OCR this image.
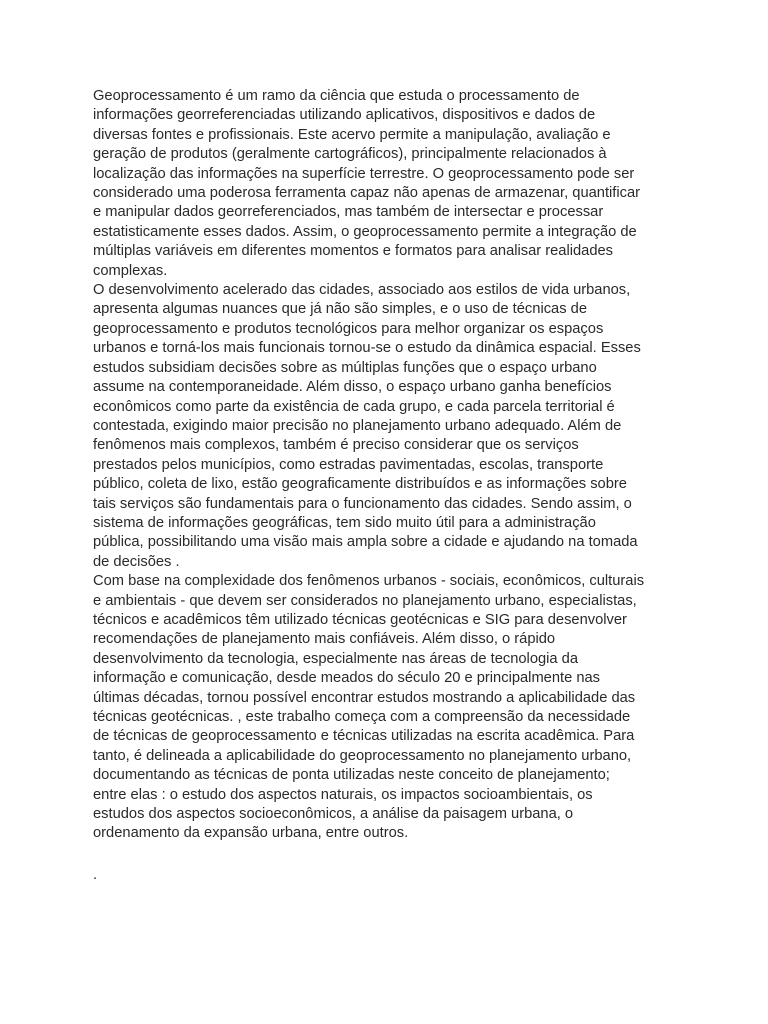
Geoprocessamento é um ramo da ciência que estuda o processamento de
informações georreferenciadas utilizando aplicativos, dispositivos e dados de
diversas fontes e profissionais. Este acervo permite a manipulação, avaliação e
geração de produtos (geralmente cartográficos), principalmente relacionados à
localização das informações na superfície terrestre. O geoprocessamento pode ser
considerado uma poderosa ferramenta capaz não apenas de armazenar, quantificar
e manipular dados georreferenciados, mas também de intersectar e processar
estatisticamente esses dados. Assim, o geoprocessamento permite a integração de
múltiplas variáveis em diferentes momentos e formatos para analisar realidades
complexas.
O desenvolvimento acelerado das cidades, associado aos estilos de vida urbanos,
apresenta algumas nuances que já não são simples, e o uso de técnicas de
geoprocessamento e produtos tecnológicos para melhor organizar os espaços
urbanos e torná-los mais funcionais tornou-se o estudo da dinâmica espacial. Esses
estudos subsidiam decisões sobre as múltiplas funções que o espaço urbano
assume na contemporaneidade. Além disso, o espaço urbano ganha benefícios
econômicos como parte da existência de cada grupo, e cada parcela territorial é
contestada, exigindo maior precisão no planejamento urbano adequado. Além de
fenômenos mais complexos, também é preciso considerar que os serviços
prestados pelos municípios, como estradas pavimentadas, escolas, transporte
público, coleta de lixo, estão geograficamente distribuídos e as informações sobre
tais serviços são fundamentais para o funcionamento das cidades. Sendo assim, o
sistema de informações geográficas, tem sido muito útil para a administração
pública, possibilitando uma visão mais ampla sobre a cidade e ajudando na tomada
de decisões .
Com base na complexidade dos fenômenos urbanos - sociais, econômicos, culturais
e ambientais - que devem ser considerados no planejamento urbano, especialistas,
técnicos e acadêmicos têm utilizado técnicas geotécnicas e SIG para desenvolver
recomendações de planejamento mais confiáveis. Além disso, o rápido
desenvolvimento da tecnologia, especialmente nas áreas de tecnologia da
informação e comunicação, desde meados do século 20 e principalmente nas
últimas décadas, tornou possível encontrar estudos mostrando a aplicabilidade das
técnicas geotécnicas. , este trabalho começa com a compreensão da necessidade
de técnicas de geoprocessamento e técnicas utilizadas na escrita acadêmica. Para
tanto, é delineada a aplicabilidade do geoprocessamento no planejamento urbano,
documentando as técnicas de ponta utilizadas neste conceito de planejamento;
entre elas : o estudo dos aspectos naturais, os impactos socioambientais, os
estudos dos aspectos socioeconômicos, a análise da paisagem urbana, o
ordenamento da expansão urbana, entre outros.
.
